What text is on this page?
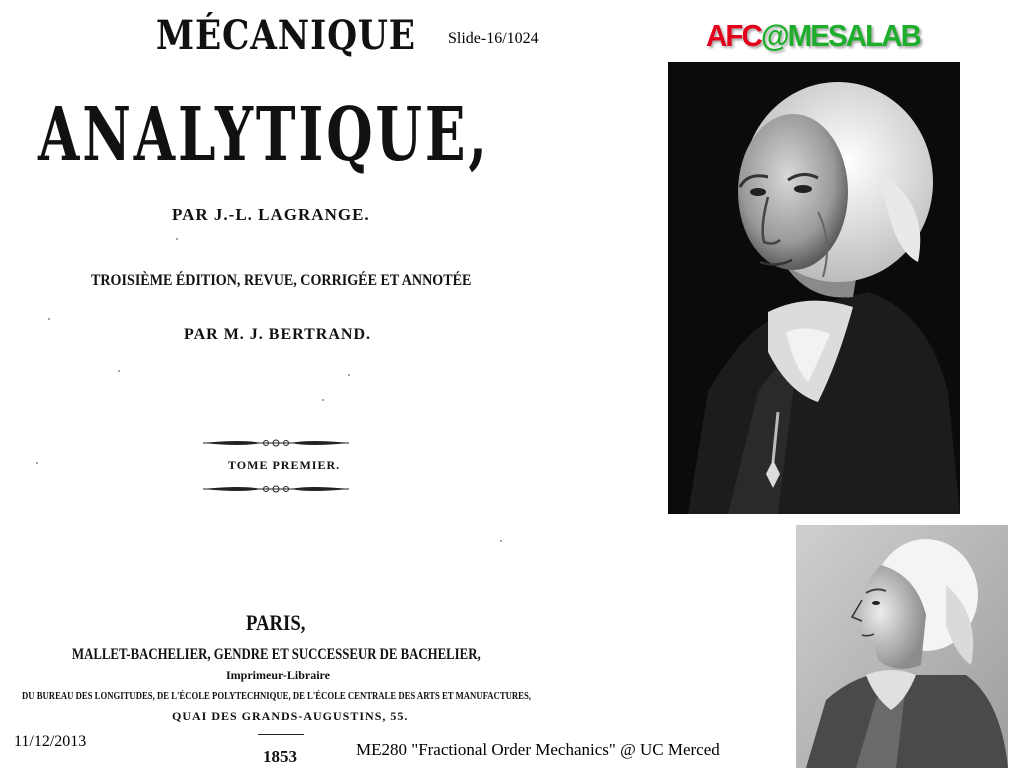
Slide-16/1024	AFC@MESALAB
MÉCANIQUE
ANALYTIQUE,
PAR J.-L. LAGRANGE.
TROISIÈME ÉDITION, REVUE, CORRIGÉE ET ANNOTÉE
PAR M. J. BERTRAND.
TOME PREMIER.
PARIS,
MALLET-BACHELIER, GENDRE ET SUCCESSEUR DE BACHELIER,
Imprimeur-Libraire
DU BUREAU DES LONGITUDES, DE L'ÉCOLE POLYTECHNIQUE, DE L'ÉCOLE CENTRALE DES ARTS ET MANUFACTURES,
QUAI DES GRANDS-AUGUSTINS, 55.
1853
11/12/2013	ME280 "Fractional Order Mechanics" @ UC Merced
